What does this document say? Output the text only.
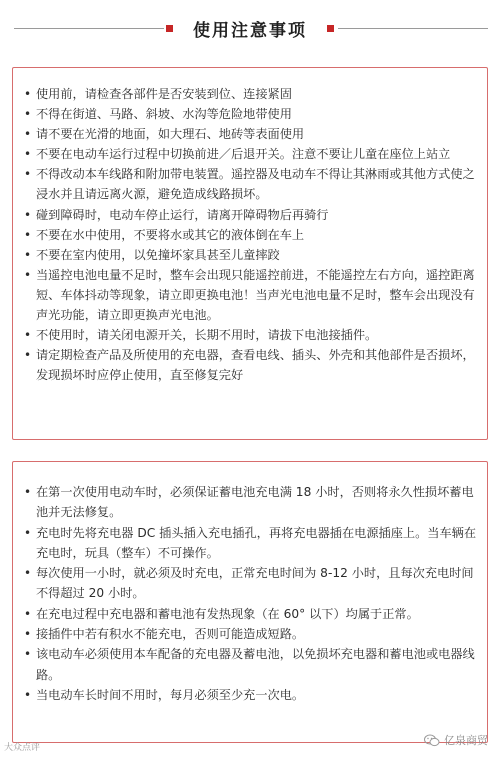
使用注意事项
• 使用前，请检查各部件是否安装到位、连接紧固
• 不得在街道、马路、斜坡、水沟等危险地带使用
• 请不要在光滑的地面，如大理石、地砖等表面使用
• 不要在电动车运行过程中切换前进／后退开关。注意不要让儿童在座位上站立
• 不得改动本车线路和附加带电装置。遥控器及电动车不得让其淋雨或其他方式使之浸水并且请远离火源，避免造成线路损坏。
• 碰到障碍时，电动车停止运行，请离开障碍物后再骑行
• 不要在水中使用，不要将水或其它的液体倒在车上
• 不要在室内使用，以免撞坏家具甚至儿童摔跤
• 当遥控电池电量不足时，整车会出现只能遥控前进，不能遥控左右方向，遥控距离短、车体抖动等现象，请立即更换电池！当声光电池电量不足时，整车会出现没有声光功能，请立即更换声光电池。
• 不使用时，请关闭电源开关，长期不用时，请拔下电池接插件。
• 请定期检查产品及所使用的充电器，查看电线、插头、外壳和其他部件是否损坏，发现损坏时应停止使用，直至修复完好
• 在第一次使用电动车时，必须保证蓄电池充电满 18 小时，否则将永久性损坏蓄电池并无法修复。
• 充电时先将充电器 DC 插头插入充电插孔，再将充电器插在电源插座上。当车辆在充电时，玩具（整车）不可操作。
• 每次使用一小时，就必须及时充电，正常充电时间为 8-12 小时，且每次充电时间不得超过 20 小时。
• 在充电过程中充电器和蓄电池有发热现象（在 60° 以下）均属于正常。
• 接插件中若有积水不能充电，否则可能造成短路。
• 该电动车必须使用本车配备的充电器及蓄电池，以免损坏充电器和蓄电池或电器线路。
• 当电动车长时间不用时，每月必须至少充一次电。
大众点评
亿泉商贸
